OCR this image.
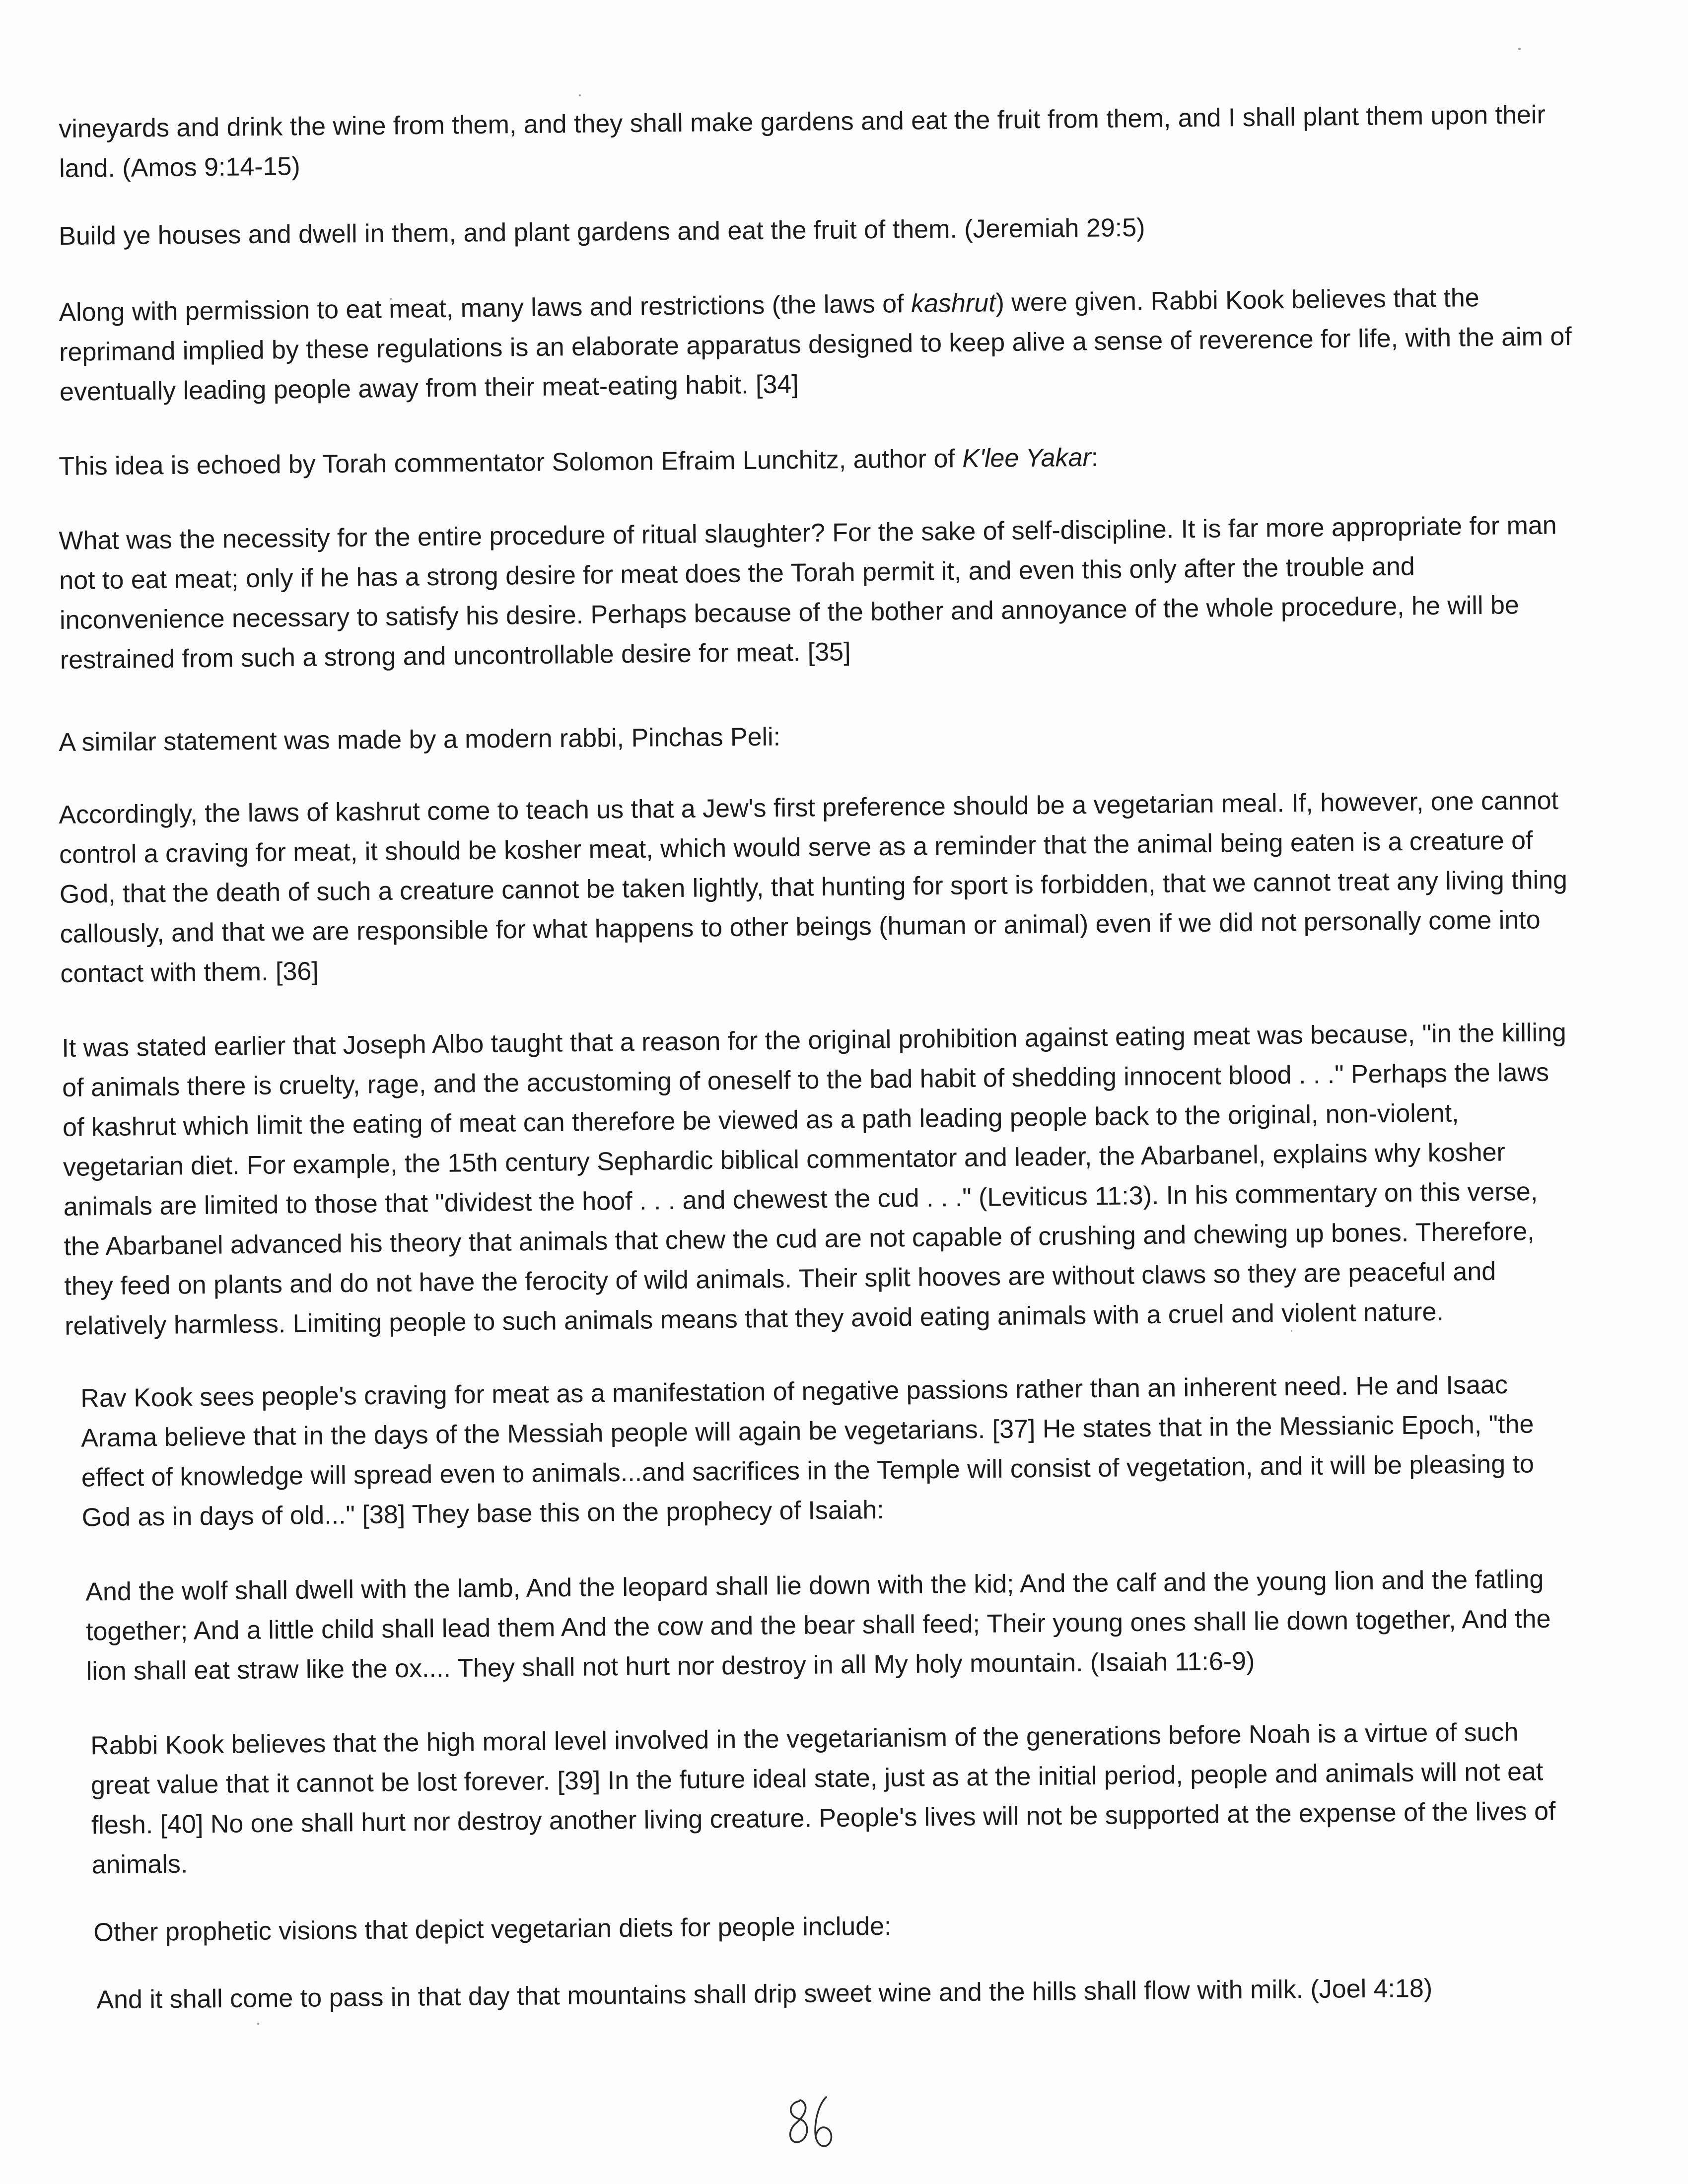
vineyards and drink the wine from them, and they shall make gardens and eat the fruit from them, and I shall plant them upon their land. (Amos 9:14-15)

Build ye houses and dwell in them, and plant gardens and eat the fruit of them. (Jeremiah 29:5)

Along with permission to eat meat, many laws and restrictions (the laws of kashrut) were given. Rabbi Kook believes that the reprimand implied by these regulations is an elaborate apparatus designed to keep alive a sense of reverence for life, with the aim of eventually leading people away from their meat-eating habit. [34]

This idea is echoed by Torah commentator Solomon Efraim Lunchitz, author of K'lee Yakar:

What was the necessity for the entire procedure of ritual slaughter? For the sake of self-discipline. It is far more appropriate for man not to eat meat; only if he has a strong desire for meat does the Torah permit it, and even this only after the trouble and inconvenience necessary to satisfy his desire. Perhaps because of the bother and annoyance of the whole procedure, he will be restrained from such a strong and uncontrollable desire for meat. [35]

A similar statement was made by a modern rabbi, Pinchas Peli:

Accordingly, the laws of kashrut come to teach us that a Jew's first preference should be a vegetarian meal. If, however, one cannot control a craving for meat, it should be kosher meat, which would serve as a reminder that the animal being eaten is a creature of God, that the death of such a creature cannot be taken lightly, that hunting for sport is forbidden, that we cannot treat any living thing callously, and that we are responsible for what happens to other beings (human or animal) even if we did not personally come into contact with them. [36]

It was stated earlier that Joseph Albo taught that a reason for the original prohibition against eating meat was because, "in the killing of animals there is cruelty, rage, and the accustoming of oneself to the bad habit of shedding innocent blood . . ." Perhaps the laws of kashrut which limit the eating of meat can therefore be viewed as a path leading people back to the original, non-violent, vegetarian diet. For example, the 15th century Sephardic biblical commentator and leader, the Abarbanel, explains why kosher animals are limited to those that "dividest the hoof . . . and chewest the cud . . ." (Leviticus 11:3). In his commentary on this verse, the Abarbanel advanced his theory that animals that chew the cud are not capable of crushing and chewing up bones. Therefore, they feed on plants and do not have the ferocity of wild animals. Their split hooves are without claws so they are peaceful and relatively harmless. Limiting people to such animals means that they avoid eating animals with a cruel and violent nature.

Rav Kook sees people's craving for meat as a manifestation of negative passions rather than an inherent need. He and Isaac Arama believe that in the days of the Messiah people will again be vegetarians. [37] He states that in the Messianic Epoch, "the effect of knowledge will spread even to animals...and sacrifices in the Temple will consist of vegetation, and it will be pleasing to God as in days of old..." [38] They base this on the prophecy of Isaiah:

And the wolf shall dwell with the lamb, And the leopard shall lie down with the kid; And the calf and the young lion and the fatling together; And a little child shall lead them And the cow and the bear shall feed; Their young ones shall lie down together, And the lion shall eat straw like the ox.... They shall not hurt nor destroy in all My holy mountain. (Isaiah 11:6-9)

Rabbi Kook believes that the high moral level involved in the vegetarianism of the generations before Noah is a virtue of such great value that it cannot be lost forever. [39] In the future ideal state, just as at the initial period, people and animals will not eat flesh. [40] No one shall hurt nor destroy another living creature. People's lives will not be supported at the expense of the lives of animals.

Other prophetic visions that depict vegetarian diets for people include:

And it shall come to pass in that day that mountains shall drip sweet wine and the hills shall flow with milk. (Joel 4:18)
